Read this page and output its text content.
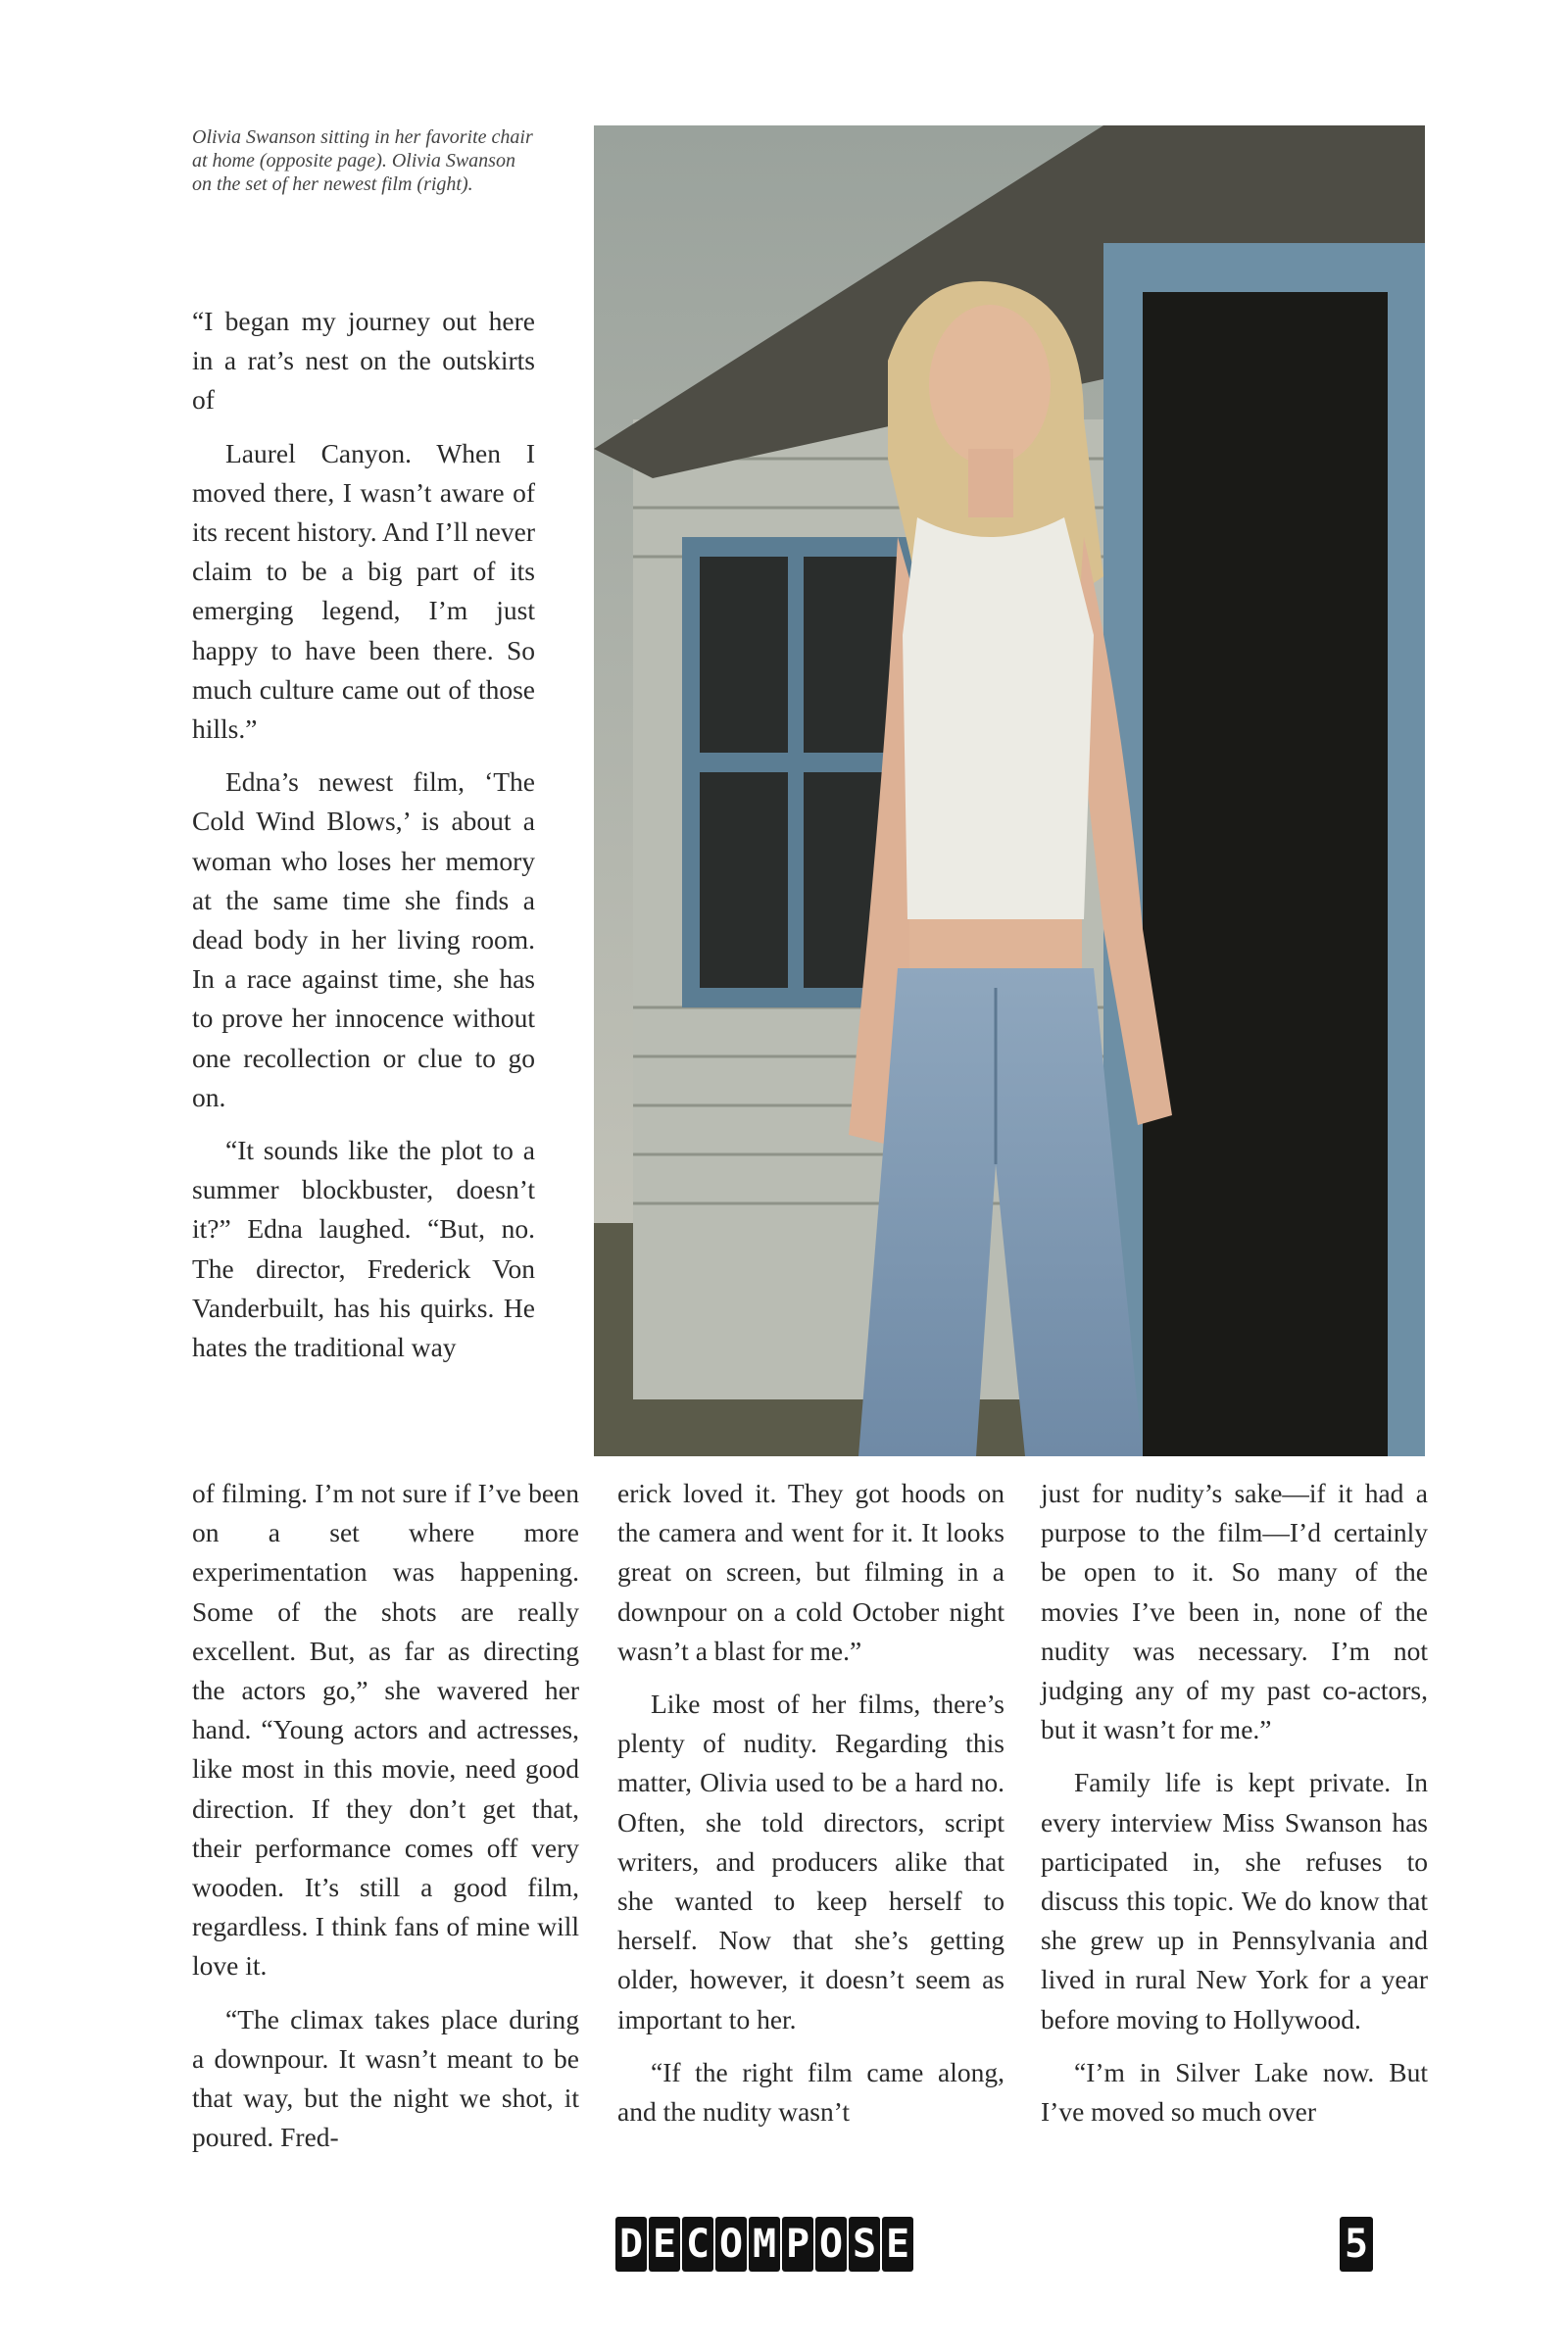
Olivia Swanson sitting in her favorite chair at home (opposite page). Olivia Swanson on the set of her newest film (right).

“I began my journey out here in a rat’s nest on the outskirts of

Laurel Canyon. When I moved there, I wasn’t aware of its recent history. And I’ll never claim to be a big part of its emerging legend, I’m just happy to have been there. So much culture came out of those hills.”

Edna’s newest film, ‘The Cold Wind Blows,’ is about a woman who loses her memory at the same time she finds a dead body in her living room. In a race against time, she has to prove her innocence without one recollection or clue to go on.

“It sounds like the plot to a summer blockbuster, doesn’t it?” Edna laughed. “But, no. The director, Frederick Von Vanderbuilt, has his quirks. He hates the traditional way

of filming. I’m not sure if I’ve been on a set where more experimentation was happening. Some of the shots are really excellent. But, as far as directing the actors go,” she wavered her hand. “Young actors and actresses, like most in this movie, need good direction. If they don’t get that, their performance comes off very wooden. It’s still a good film, regardless. I think fans of mine will love it.

“The climax takes place during a downpour. It wasn’t meant to be that way, but the night we shot, it poured. Fred-

erick loved it. They got hoods on the camera and went for it. It looks great on screen, but filming in a downpour on a cold October night wasn’t a blast for me.”

Like most of her films, there’s plenty of nudity. Regarding this matter, Olivia used to be a hard no. Often, she told directors, script writers, and producers alike that she wanted to keep herself to herself. Now that she’s getting older, however, it doesn’t seem as important to her.

“If the right film came along, and the nudity wasn’t

just for nudity’s sake—if it had a purpose to the film—I’d certainly be open to it. So many of the movies I’ve been in, none of the nudity was necessary. I’m not judging any of my past co-actors, but it wasn’t for me.”

Family life is kept private. In every interview Miss Swanson has participated in, she refuses to discuss this topic. We do know that she grew up in Pennsylvania and lived in rural New York for a year before moving to Hollywood.

“I’m in Silver Lake now. But I’ve moved so much over

D E C O M P O S E	5
